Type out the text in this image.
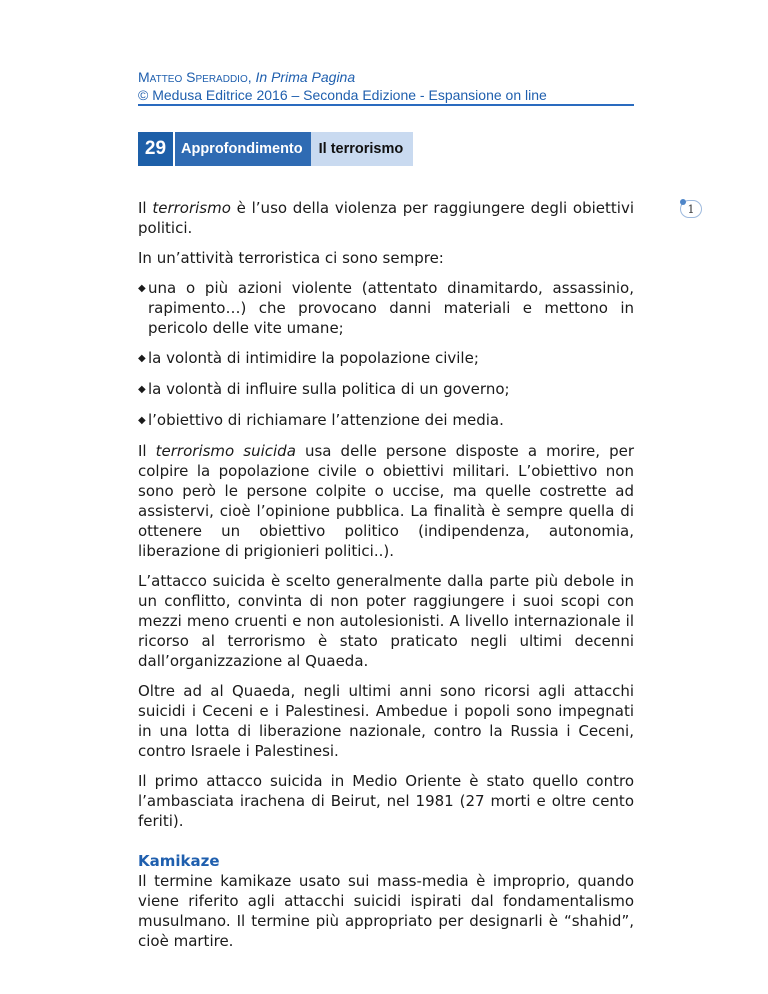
Matteo Speraddio, In Prima Pagina
© Medusa Editrice 2016 – Seconda Edizione - Espansione on line
29	Approfondimento	Il terrorismo
1

Il terrorismo è l’uso della violenza per raggiungere degli obiettivi politici.

In un’attività terroristica ci sono sempre:

◆ una o più azioni violente (attentato dinamitardo, assassinio, rapimento…) che provocano danni materiali e mettono in pericolo delle vite umane;
◆ la volontà di intimidire la popolazione civile;
◆ la volontà di influire sulla politica di un governo;
◆ l’obiettivo di richiamare l’attenzione dei media.

Il terrorismo suicida usa delle persone disposte a morire, per colpire la popolazione civile o obiettivi militari. L’obiettivo non sono però le persone colpite o uccise, ma quelle costrette ad assistervi, cioè l’opinione pubblica. La finalità è sempre quella di ottenere un obiettivo politico (indipendenza, autonomia, liberazione di prigionieri politici..).

L’attacco suicida è scelto generalmente dalla parte più debole in un conflitto, convinta di non poter raggiungere i suoi scopi con mezzi meno cruenti e non autolesionisti. A livello internazionale il ricorso al terrorismo è stato praticato negli ultimi decenni dall’organizzazione al Quaeda.

Oltre ad al Quaeda, negli ultimi anni sono ricorsi agli attacchi suicidi i Ceceni e i Palestinesi. Ambedue i popoli sono impegnati in una lotta di liberazione nazionale, contro la Russia i Ceceni, contro Israele i Palestinesi.

Il primo attacco suicida in Medio Oriente è stato quello contro l’ambasciata irachena di Beirut, nel 1981 (27 morti e oltre cento feriti).

Kamikaze

Il termine kamikaze usato sui mass-media è improprio, quando viene riferito agli attacchi suicidi ispirati dal fondamentalismo musulmano. Il termine più appropriato per designarli è “shahid”, cioè martire.
